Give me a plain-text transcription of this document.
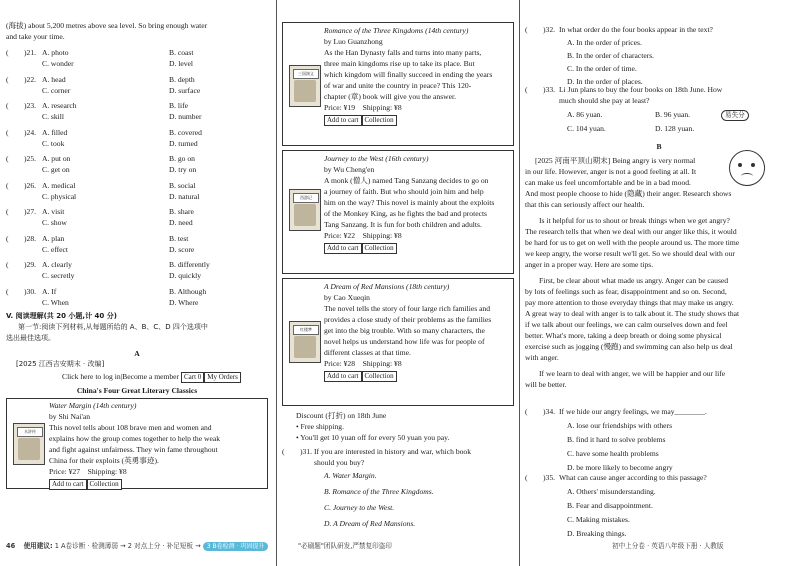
(海拔) about 5,200 metres above sea level. So bring enough water

and take your time.

( )21. A. photo	B. coast
C. wonder	D. level
( )22. A. head	B. depth
C. corner	D. surface
( )23. A. research	B. life
C. skill	D. number
( )24. A. filled	B. covered
C. took	D. turned
( )25. A. put on	B. go on
C. get on	D. try on
( )26. A. medical	B. social
C. physical	D. natural
( )27. A. visit	B. share
C. show	D. need
( )28. A. plan	B. test
C. effect	D. score
( )29. A. clearly	B. differently
C. secretly	D. quickly
( )30. A. If	B. Although
C. When	D. Where
V. 阅读理解(共 20 小题,计 40 分)
第一节:阅读下列材料,从每题所给的 A、B、C、D 四个选项中
选出最佳选项。
A
[2025 江西吉安期末 · 改编]
Click here to log in|Become a member Cart 0 My Orders
China's Four Great Literary Classics
水浒传
Water Margin (14th century)
by Shi Nai'an
This novel tells about 108 brave men and women and
explains how the group comes together to help the weak
and fight against unfairness. They win fame throughout
China for their exploits (英勇事迹).
Price: ¥27 Shipping: ¥8
Add to cart Collection
三国演义
Romance of the Three Kingdoms (14th century)
by Luo Guanzhong
As the Han Dynasty falls and turns into many parts,
three main kingdoms rise up to take its place. But
which kingdom will finally succeed in ending the years
of war and unite the country in peace? This 120-
chapter (章) book will give you the answer.
Price: ¥19 Shipping: ¥8
Add to cart Collection
西游记
Journey to the West (16th century)
by Wu Cheng'en
A monk (僧人) named Tang Sanzang decides to go on
a journey of faith. But who should join him and help
him on the way? This novel is mainly about the exploits
of the Monkey King, as he fights the bad and protects
Tang Sanzang. It is fun for both children and adults.
Price: ¥22 Shipping: ¥8
Add to cart Collection
红楼梦
A Dream of Red Mansions (18th century)
by Cao Xueqin
The novel tells the story of four large rich families and
provides a close study of their problems as the families
get into the big trouble. With so many characters, the
novel helps us understand how life was for people of
different classes at that time.
Price: ¥28 Shipping: ¥8
Add to cart Collection
Discount (打折) on 18th June
• Free shipping.
• You'll get 10 yuan off for every 50 yuan you pay.
( )31. If you are interested in history and war, which book
should you buy?
A. Water Margin.
B. Romance of the Three Kingdoms.
C. Journey to the West.
D. A Dream of Red Mansions.
( )32. In what order do the four books appear in the text?
A. In the order of prices.
B. In the order of characters.
C. In the order of time.
D. In the order of places.
( )33. Li Jun plans to buy the four books on 18th June. How
much should she pay at least?
A. 86 yuan.	B. 96 yuan.
C. 104 yuan.	D. 128 yuan.
易失分
B
[2025 河南平顶山期末] Being angry is very normal
in our life. However, anger is not a good feeling at all. It
can make us feel uncomfortable and be in a bad mood.
And most people choose to hide (隐藏) their anger. Research shows
that this can seriously affect our health.
Is it helpful for us to shout or break things when we get angry?
The research tells that when we deal with our anger like this, it would
be hard for us to get on well with the people around us. The more time
we keep angry, the worse result we'll get. So we should deal with our
anger in a proper way. Here are some tips.
First, be clear about what made us angry. Anger can be caused
by lots of feelings such as fear, disappointment and so on. Second,
pay more attention to those everyday things that may make us angry.
A great way to deal with anger is to talk about it. The study shows that
if we talk about our feelings, we can calm ourselves down and feel
better. What's more, taking a deep breath or doing some physical
exercise such as jogging (慢跑) and swimming can also help us deal
with anger.
If we learn to deal with anger, we will be happier and our life
will be better.
( )34. If we hide our angry feelings, we may________.
A. lose our friendships with others
B. find it hard to solve problems
C. have some health problems
D. be more likely to become angry
( )35. What can cause anger according to this passage?
A. Others' misunderstanding.
B. Fear and disappointment.
C. Making mistakes.
D. Breaking things.
46 使用建议: 1 A卷诊断 · 检测薄弱 → 2 对点上分 · 补足短板 → 3 B卷检测 · 巩固提升	"必刷题"团队研发,严禁复印盗印	初中上分卷 · 英语八年级下册 · 人教版
